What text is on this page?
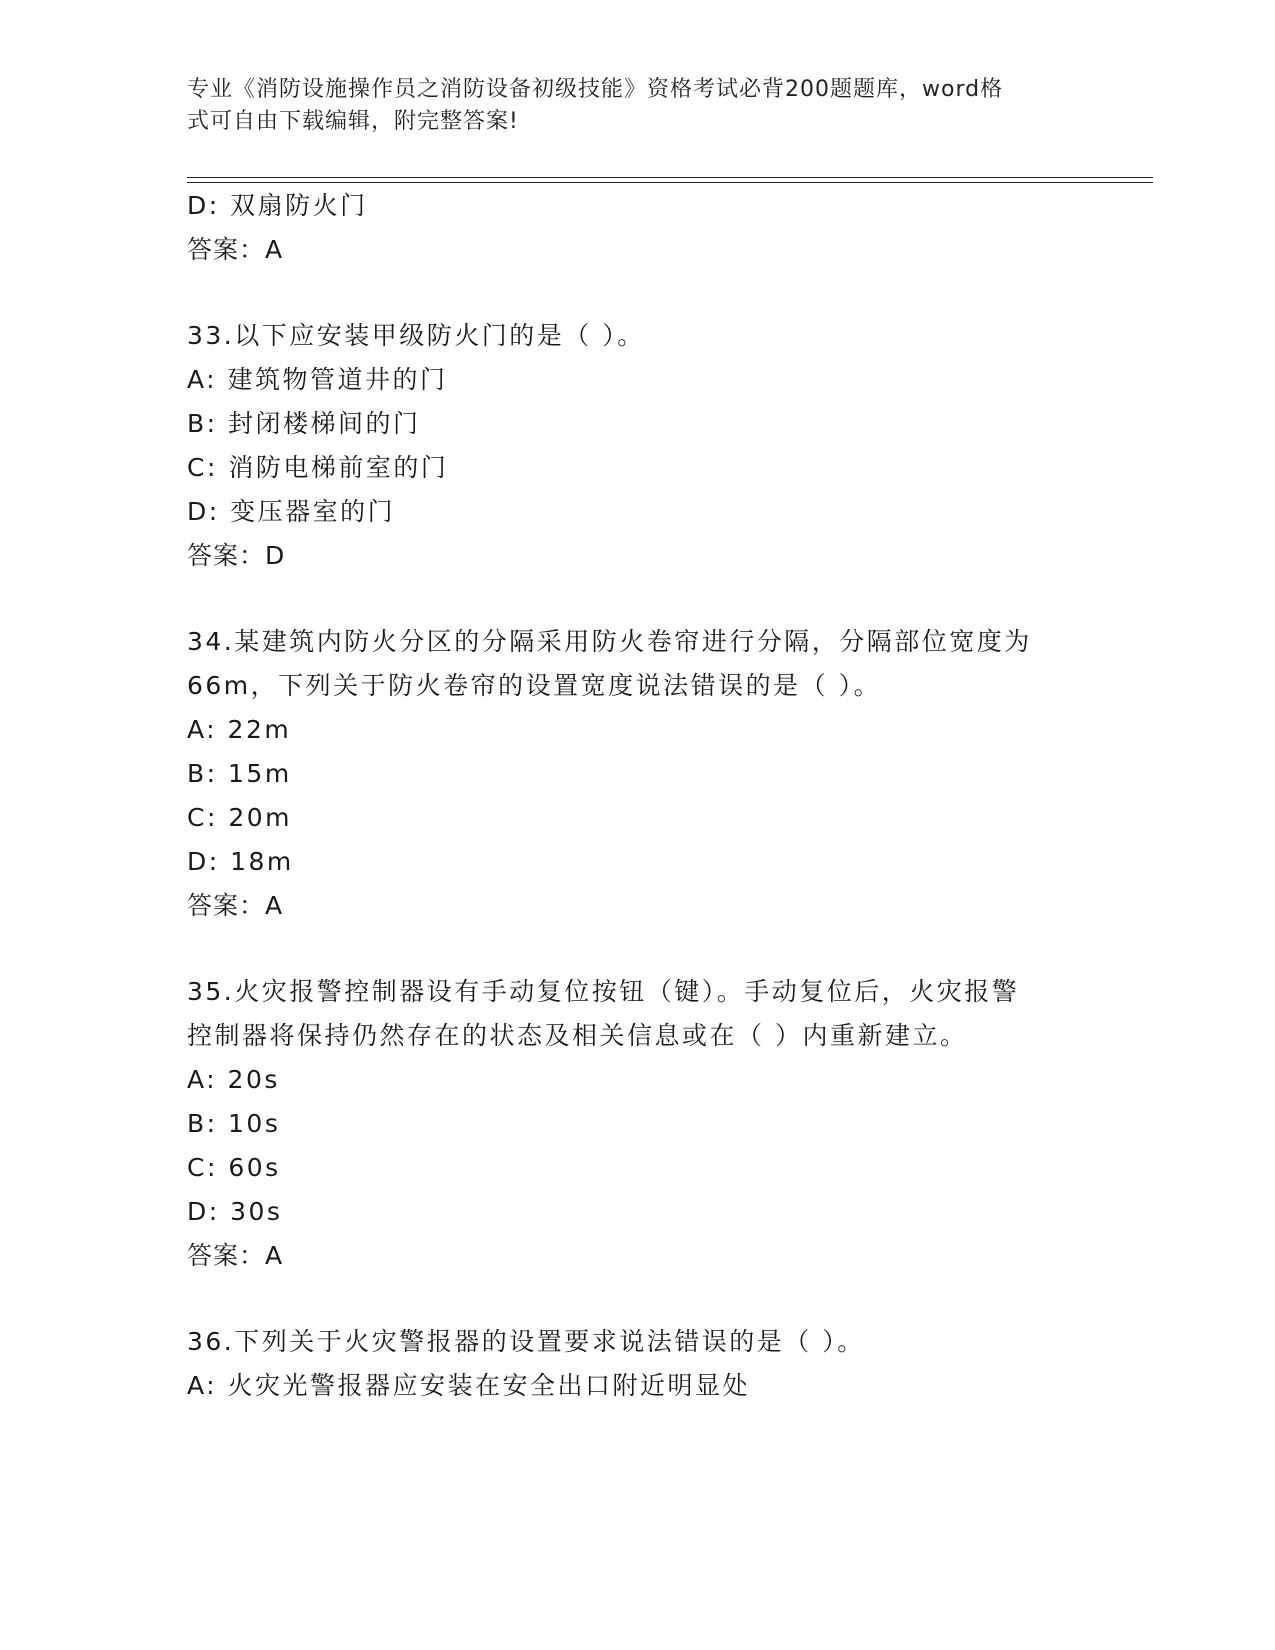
专业《消防设施操作员之消防设备初级技能》资格考试必背200题题库，word格
式可自由下载编辑，附完整答案!
D: 双扇防火门
答案：A
33.以下应安装甲级防火门的是（ ）。
A: 建筑物管道井的门
B: 封闭楼梯间的门
C: 消防电梯前室的门
D: 变压器室的门
答案：D
34.某建筑内防火分区的分隔采用防火卷帘进行分隔，分隔部位宽度为
66m，下列关于防火卷帘的设置宽度说法错误的是（ ）。
A: 22m
B: 15m
C: 20m
D: 18m
答案：A
35.火灾报警控制器设有手动复位按钮（键）。手动复位后，火灾报警
控制器将保持仍然存在的状态及相关信息或在（ ）内重新建立。
A: 20s
B: 10s
C: 60s
D: 30s
答案：A
36.下列关于火灾警报器的设置要求说法错误的是（ ）。
A: 火灾光警报器应安装在安全出口附近明显处
